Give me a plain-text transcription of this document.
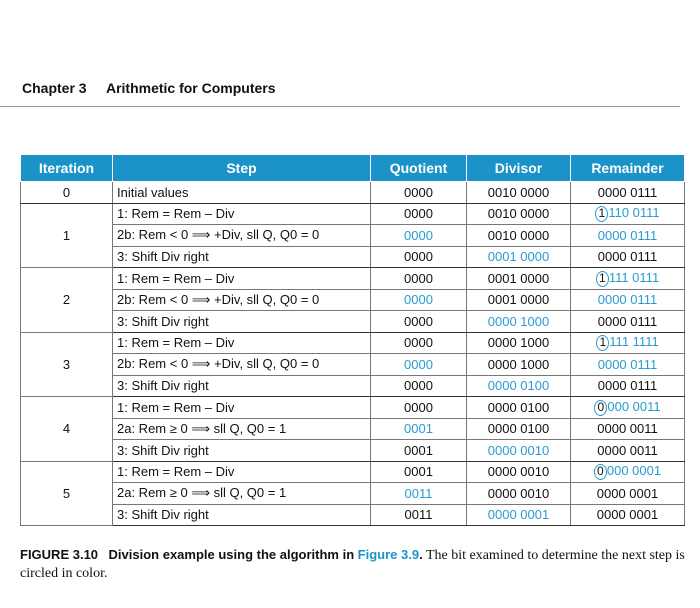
Chapter 3 Arithmetic for Computers
Iteration	Step	Quotient	Divisor	Remainder
0	Initial values	0000	0010 0000	0000 0111
1	1: Rem = Rem – Div	0000	0010 0000	1 110 0111
	2b: Rem < 0 ⟹ +Div, sll Q, Q0 = 0	0000	0010 0000	0000 0111
	3: Shift Div right	0000	0001 0000	0000 0111
2	1: Rem = Rem – Div	0000	0001 0000	1 111 0111
	2b: Rem < 0 ⟹ +Div, sll Q, Q0 = 0	0000	0001 0000	0000 0111
	3: Shift Div right	0000	0000 1000	0000 0111
3	1: Rem = Rem – Div	0000	0000 1000	1 111 1111
	2b: Rem < 0 ⟹ +Div, sll Q, Q0 = 0	0000	0000 1000	0000 0111
	3: Shift Div right	0000	0000 0100	0000 0111
4	1: Rem = Rem – Div	0000	0000 0100	0 000 0011
	2a: Rem ≥ 0 ⟹ sll Q, Q0 = 1	0001	0000 0100	0000 0011
	3: Shift Div right	0001	0000 0010	0000 0011
5	1: Rem = Rem – Div	0001	0000 0010	0 000 0001
	2a: Rem ≥ 0 ⟹ sll Q, Q0 = 1	0011	0000 0010	0000 0001
	3: Shift Div right	0011	0000 0001	0000 0001
FIGURE 3.10 Division example using the algorithm in Figure 3.9. The bit examined to determine the next step is circled in color.
